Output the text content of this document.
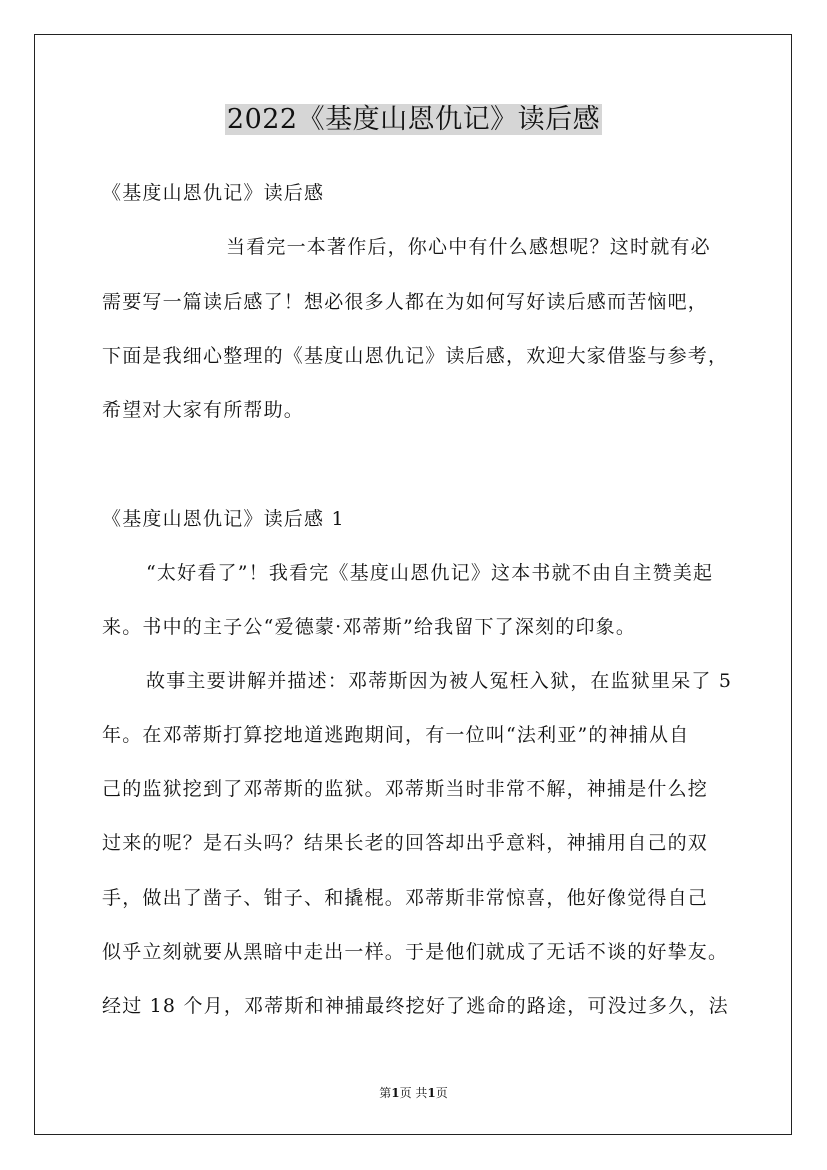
2022《基度山恩仇记》读后感
《基度山恩仇记》读后感
当看完一本著作后，你心中有什么感想呢？这时就有必
需要写一篇读后感了！想必很多人都在为如何写好读后感而苦恼吧，
下面是我细心整理的《基度山恩仇记》读后感，欢迎大家借鉴与参考，
希望对大家有所帮助。
《基度山恩仇记》读后感 1
“太好看了”！我看完《基度山恩仇记》这本书就不由自主赞美起
来。书中的主子公“爱德蒙·邓蒂斯”给我留下了深刻的印象。
故事主要讲解并描述：邓蒂斯因为被人冤枉入狱，在监狱里呆了 5
年。在邓蒂斯打算挖地道逃跑期间，有一位叫“法利亚”的神捕从自
己的监狱挖到了邓蒂斯的监狱。邓蒂斯当时非常不解，神捕是什么挖
过来的呢？是石头吗？结果长老的回答却出乎意料，神捕用自己的双
手，做出了凿子、钳子、和撬棍。邓蒂斯非常惊喜，他好像觉得自己
似乎立刻就要从黑暗中走出一样。于是他们就成了无话不谈的好挚友。
经过 18 个月，邓蒂斯和神捕最终挖好了逃命的路途，可没过多久，法
第1页 共1页
